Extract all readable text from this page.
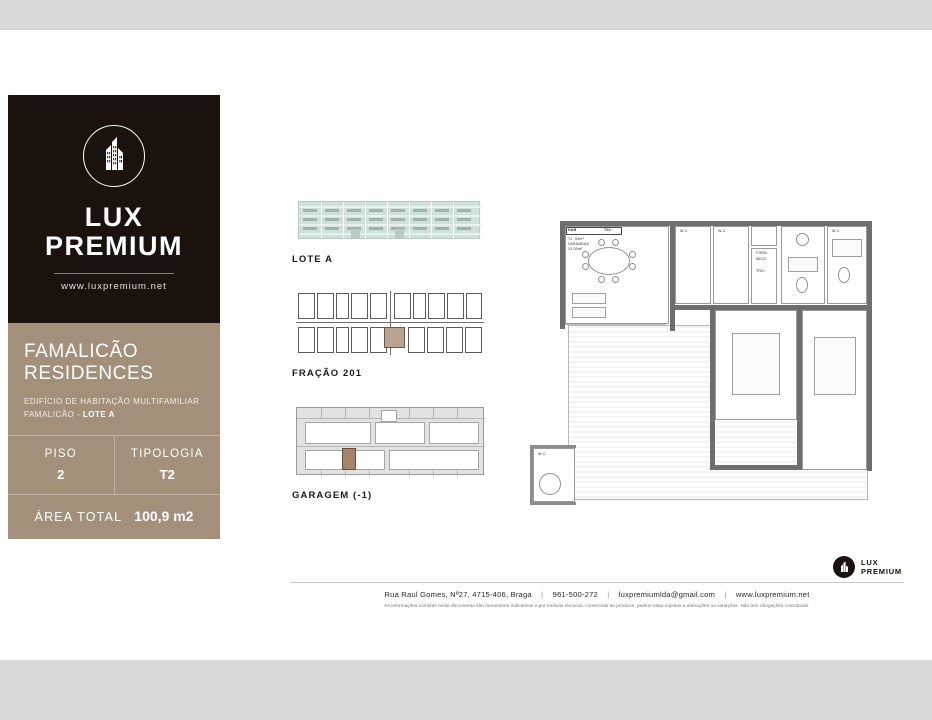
LUX
PREMIUM
www.luxpremium.net
FAMALICÃO
RESIDENCES
EDIFÍCIO DE HABITAÇÃO MULTIFAMILIAR
FAMALICÃO - LOTE A
PISO
2
TIPOLOGIA
T2
ÁREA TOTAL 100,9 m2
LOTE A
FRAÇÃO 201
GARAGEM (-1)
HAB	T02
T2, 93m²
VARANDAS
13.00m²
W.C.	W.C.	W.C.
FORN.
MICO.
TRD.
W.C.
LUX
PREMIUM
Rua Raul Gomes, Nº27, 4715-406, Braga | 961-500-272 | luxpremiumlda@gmail.com | www.luxpremium.net
As informações contidas neste documento são meramente indicativas e por motivos técnicos, comerciais ou jurídicos, podem estar sujeitas a alterações ou variações. Não tem obrigações contratuais.
